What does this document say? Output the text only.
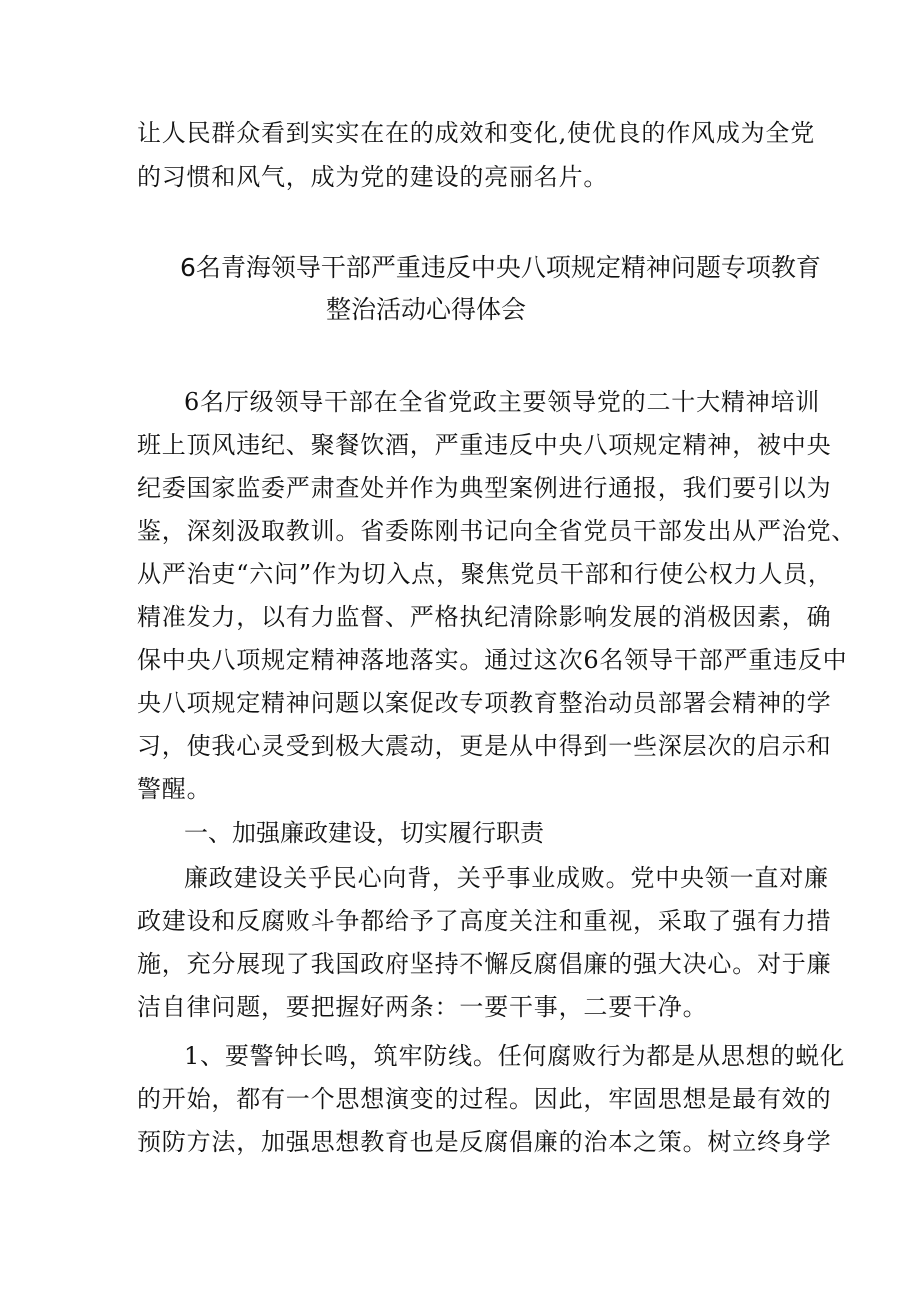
让人民群众看到实实在在的成效和变化,使优良的作风成为全党
的习惯和风气，成为党的建设的亮丽名片。
6名青海领导干部严重违反中央八项规定精神问题专项教育
整治活动心得体会
6名厅级领导干部在全省党政主要领导党的二十大精神培训
班上顶风违纪、聚餐饮酒，严重违反中央八项规定精神，被中央
纪委国家监委严肃查处并作为典型案例进行通报，我们要引以为
鉴，深刻汲取教训。省委陈刚书记向全省党员干部发出从严治党、
从严治吏“六问”作为切入点，聚焦党员干部和行使公权力人员，
精准发力，以有力监督、严格执纪清除影响发展的消极因素，确
保中央八项规定精神落地落实。通过这次6名领导干部严重违反中
央八项规定精神问题以案促改专项教育整治动员部署会精神的学
习，使我心灵受到极大震动，更是从中得到一些深层次的启示和
警醒。
一、加强廉政建设，切实履行职责
廉政建设关乎民心向背，关乎事业成败。党中央领一直对廉
政建设和反腐败斗争都给予了高度关注和重视，采取了强有力措
施，充分展现了我国政府坚持不懈反腐倡廉的强大决心。对于廉
洁自律问题，要把握好两条：一要干事，二要干净。
1、要警钟长鸣，筑牢防线。任何腐败行为都是从思想的蜕化
的开始，都有一个思想演变的过程。因此，牢固思想是最有效的
预防方法，加强思想教育也是反腐倡廉的治本之策。树立终身学
